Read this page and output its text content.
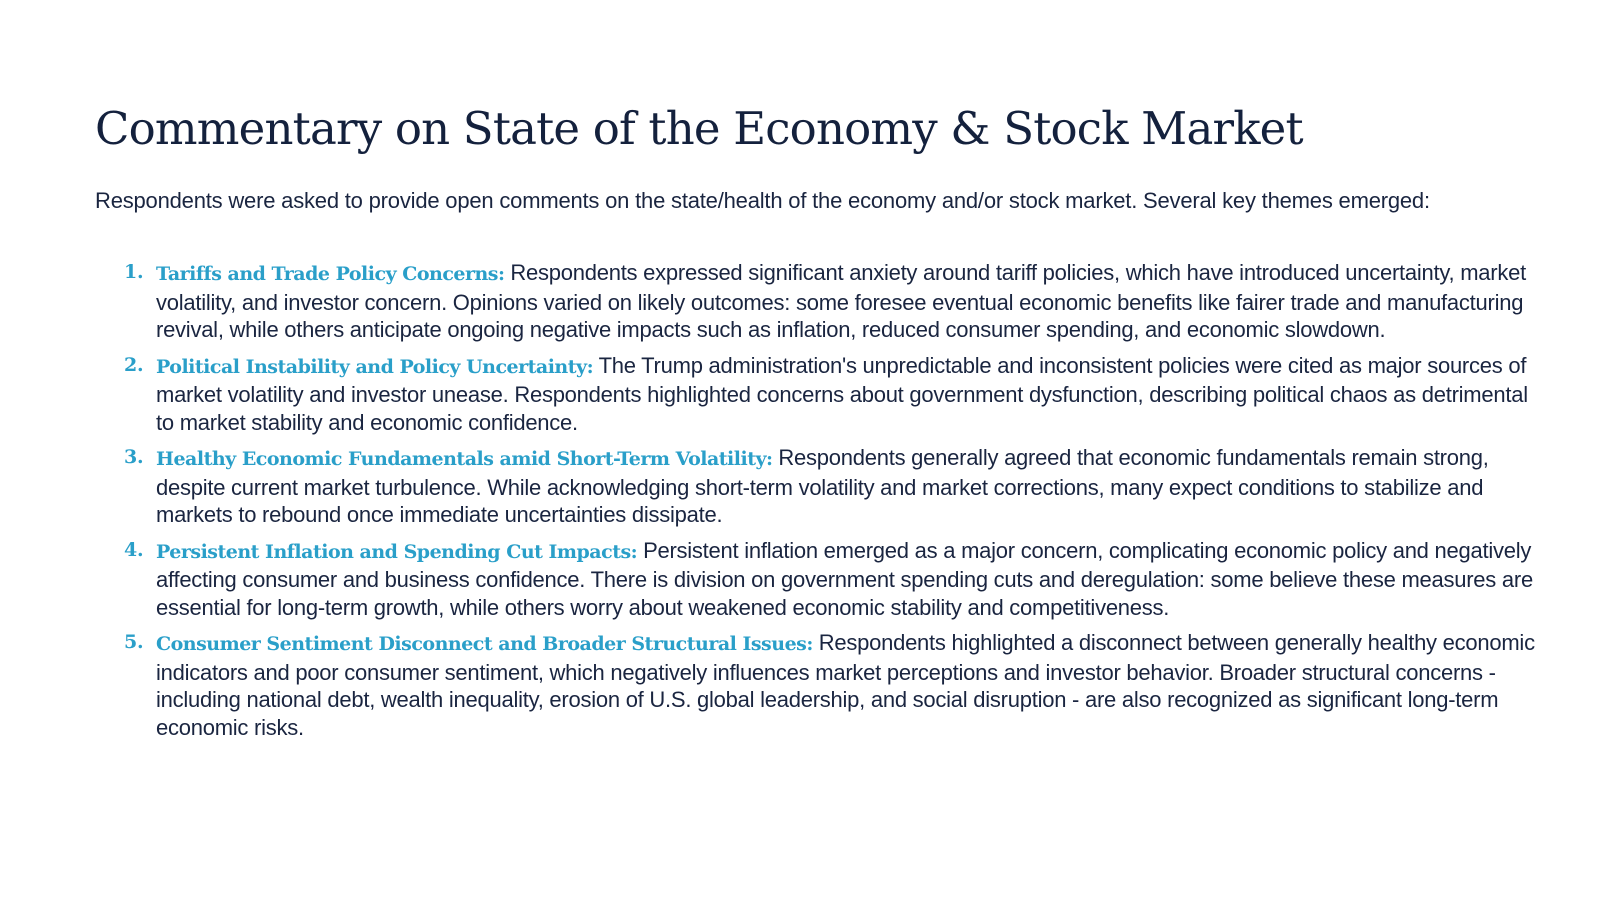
Commentary on State of the Economy & Stock Market

Respondents were asked to provide open comments on the state/health of the economy and/or stock market. Several key themes emerged:

1. Tariffs and Trade Policy Concerns: Respondents expressed significant anxiety around tariff policies, which have introduced uncertainty, market volatility, and investor concern. Opinions varied on likely outcomes: some foresee eventual economic benefits like fairer trade and manufacturing revival, while others anticipate ongoing negative impacts such as inflation, reduced consumer spending, and economic slowdown.
2. Political Instability and Policy Uncertainty: The Trump administration's unpredictable and inconsistent policies were cited as major sources of market volatility and investor unease. Respondents highlighted concerns about government dysfunction, describing political chaos as detrimental to market stability and economic confidence.
3. Healthy Economic Fundamentals amid Short-Term Volatility: Respondents generally agreed that economic fundamentals remain strong, despite current market turbulence. While acknowledging short-term volatility and market corrections, many expect conditions to stabilize and markets to rebound once immediate uncertainties dissipate.
4. Persistent Inflation and Spending Cut Impacts: Persistent inflation emerged as a major concern, complicating economic policy and negatively affecting consumer and business confidence. There is division on government spending cuts and deregulation: some believe these measures are essential for long-term growth, while others worry about weakened economic stability and competitiveness.
5. Consumer Sentiment Disconnect and Broader Structural Issues: Respondents highlighted a disconnect between generally healthy economic indicators and poor consumer sentiment, which negatively influences market perceptions and investor behavior. Broader structural concerns - including national debt, wealth inequality, erosion of U.S. global leadership, and social disruption - are also recognized as significant long-term economic risks.
